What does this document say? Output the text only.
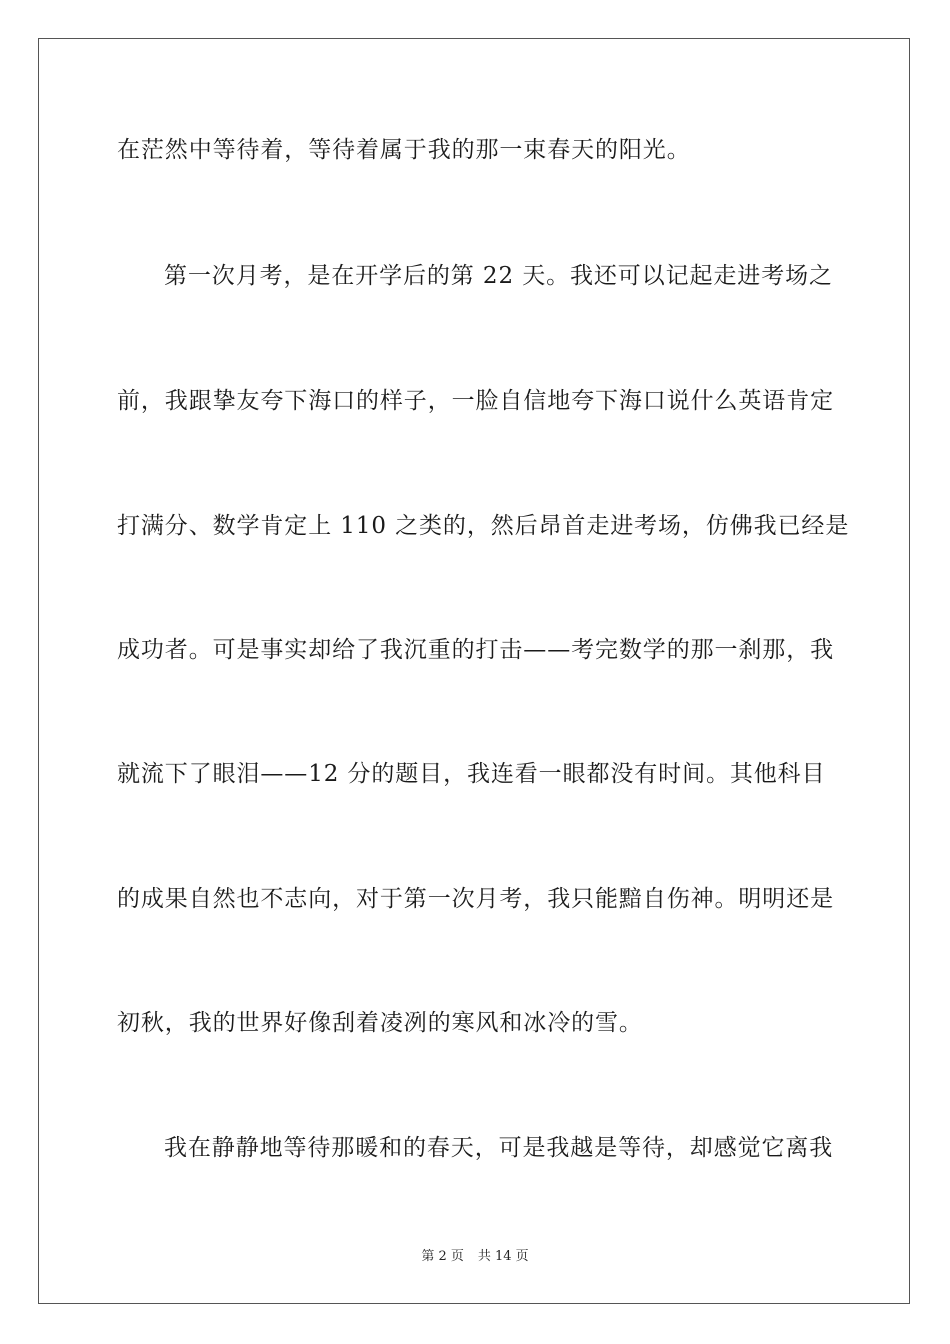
在茫然中等待着，等待着属于我的那一束春天的阳光。
第一次月考，是在开学后的第 22 天。我还可以记起走进考场之
前，我跟挚友夸下海口的样子，一脸自信地夸下海口说什么英语肯定
打满分、数学肯定上 110 之类的，然后昂首走进考场，仿佛我已经是
成功者。可是事实却给了我沉重的打击——考完数学的那一刹那，我
就流下了眼泪——12 分的题目，我连看一眼都没有时间。其他科目
的成果自然也不志向，对于第一次月考，我只能黯自伤神。明明还是
初秋，我的世界好像刮着凌冽的寒风和冰冷的雪。
我在静静地等待那暖和的春天，可是我越是等待，却感觉它离我
第 2 页 共 14 页
